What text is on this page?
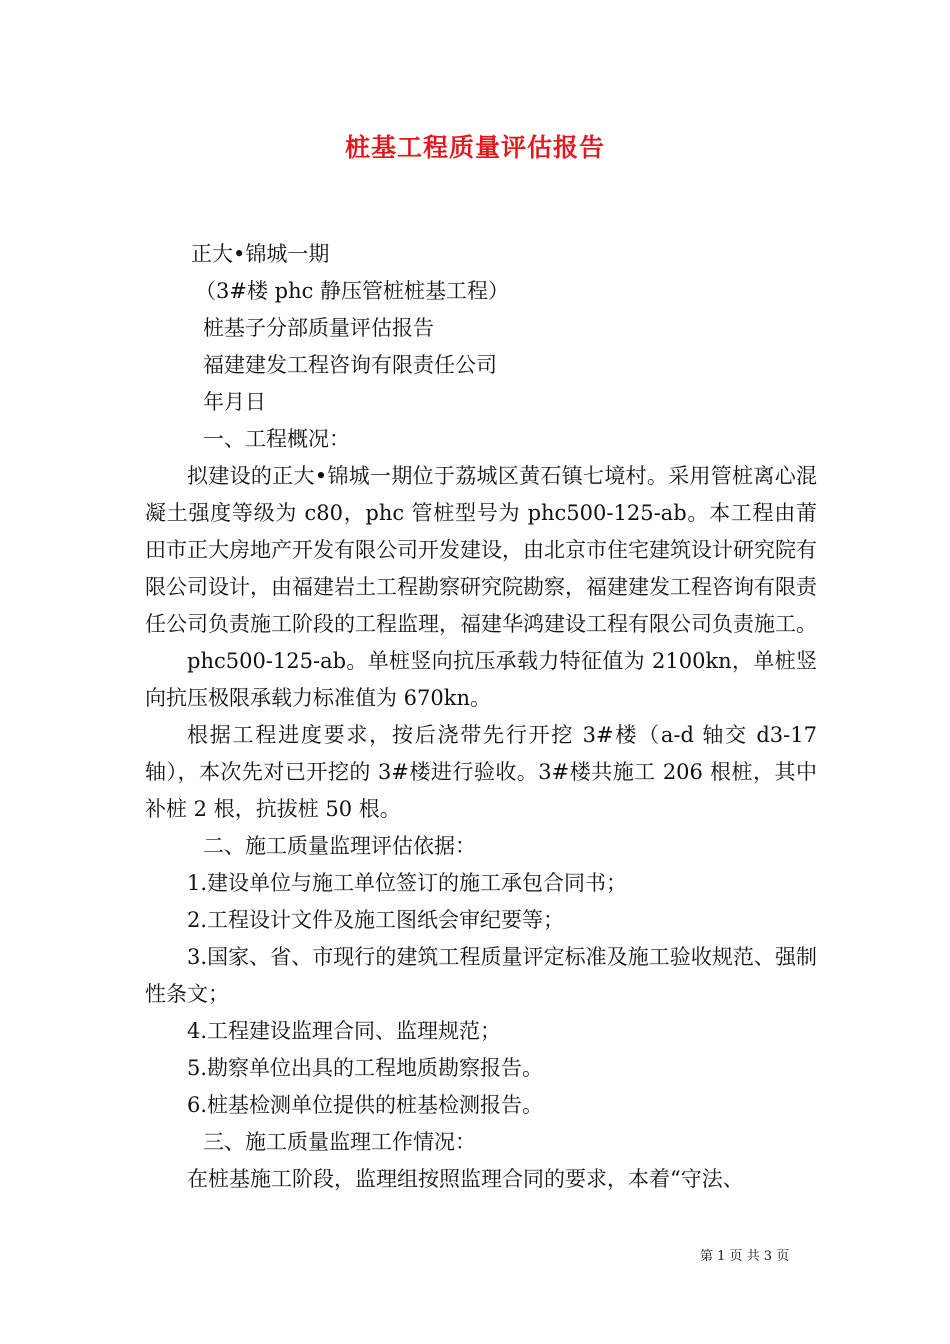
桩基工程质量评估报告

正大•锦城一期

（3#楼 phc 静压管桩桩基工程）

桩基子分部质量评估报告

福建建发工程咨询有限责任公司

年月日

一、工程概况：

拟建设的正大•锦城一期位于荔城区黄石镇七境村。采用管桩离心混凝土强度等级为 c80，phc 管桩型号为 phc500-125-ab。本工程由莆田市正大房地产开发有限公司开发建设，由北京市住宅建筑设计研究院有限公司设计，由福建岩土工程勘察研究院勘察，福建建发工程咨询有限责任公司负责施工阶段的工程监理，福建华鸿建设工程有限公司负责施工。

phc500-125-ab。单桩竖向抗压承载力特征值为 2100kn，单桩竖向抗压极限承载力标准值为 670kn。

根据工程进度要求，按后浇带先行开挖 3#楼（a-d 轴交 d3-17 轴），本次先对已开挖的 3#楼进行验收。3#楼共施工 206 根桩，其中补桩 2 根，抗拔桩 50 根。

二、施工质量监理评估依据：

1.建设单位与施工单位签订的施工承包合同书；

2.工程设计文件及施工图纸会审纪要等；

3.国家、省、市现行的建筑工程质量评定标准及施工验收规范、强制性条文；

4.工程建设监理合同、监理规范；

5.勘察单位出具的工程地质勘察报告。

6.桩基检测单位提供的桩基检测报告。

三、施工质量监理工作情况：

在桩基施工阶段，监理组按照监理合同的要求，本着“守法、

第 1 页 共 3 页
